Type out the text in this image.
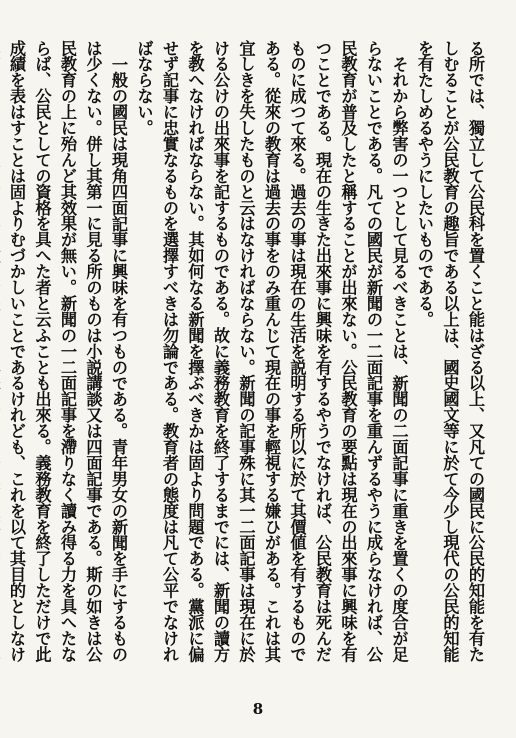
る所では、獨立して公民科を置くこと能はざる以上、又凡ての國民に公民的知能を有たしむることが公民教育の趣旨である以上は、國史國文等に於て今少し現代の公民的知能を有たしめるやうにしたいものである。

それから弊害の一つとして見るべきことは、新聞の二面記事に重きを置くの度合が足らないことである。凡ての國民が新聞の一二面記事を重んずるやうに成らなければ、公民教育が普及したと稱することが出來ない。公民教育の要點は現在の出來事に興味を有つことである。現在の生きた出來事に興味を有するやうでなければ、公民教育は死んだものに成つて來る。過去の事は現在の生活を説明する所以に於て其價値を有するものである。從來の教育は過去の事をのみ重んじて現在の事を輕視する嫌ひがある。これは其宜しきを失したものと云はなければならない。新聞の記事殊に其一二面記事は現在に於ける公けの出來事を記するものである。故に義務教育を終了するまでには、新聞の讀方を教へなければならない。其如何なる新聞を擇ぶべきかは固より問題である。黨派に偏せず記事に忠實なるものを選擇すべきは勿論である。教育者の態度は凡て公平でなければならない。

一般の國民は現角四面記事に興味を有つものである。青年男女の新聞を手にするものは少くない。併し其第一に見る所のものは小説講談又は四面記事である。斯の如きは公民教育の上に殆んど其效果が無い。新聞の一二面記事を滯りなく讀み得る力を具へたならば、公民としての資格を具へた者と云ふことも出來る。義務教育を終了しただけで此成績を表はすことは固よりむづかしいことであるけれども、これを以て其目的としなけ

8
